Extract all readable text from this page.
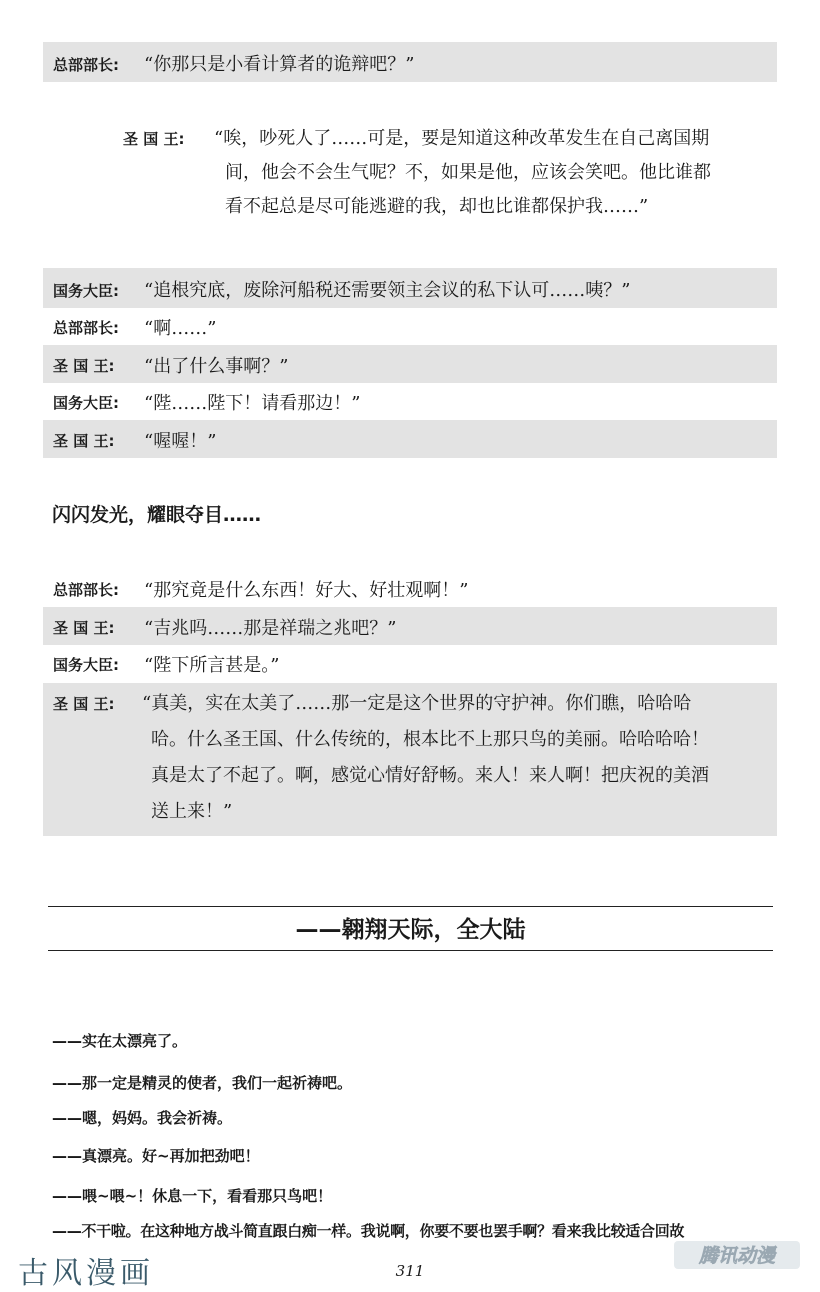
总部部长: “你那只是小看计算者的诡辩吧？”
圣 国 王: “唉，吵死人了……可是，要是知道这种改革发生在自己离国期
间，他会不会生气呢？不，如果是他，应该会笑吧。他比谁都
看不起总是尽可能逃避的我，却也比谁都保护我……”
国务大臣: “追根究底，废除河船税还需要领主会议的私下认可……咦？”
总部部长: “啊……”
圣 国 王: “出了什么事啊？”
国务大臣: “陛……陛下！请看那边！”
圣 国 王: “喔喔！”
闪闪发光，耀眼夺目……
总部部长: “那究竟是什么东西！好大、好壮观啊！”
圣 国 王: “吉兆吗……那是祥瑞之兆吧？”
国务大臣: “陛下所言甚是。”
圣 国 王: “真美，实在太美了……那一定是这个世界的守护神。你们瞧，哈哈哈
哈。什么圣王国、什么传统的，根本比不上那只鸟的美丽。哈哈哈哈！
真是太了不起了。啊，感觉心情好舒畅。来人！来人啊！把庆祝的美酒
送上来！”
——翱翔天际，全大陆
——实在太漂亮了。
——那一定是精灵的使者，我们一起祈祷吧。
——嗯，妈妈。我会祈祷。
——真漂亮。好~再加把劲吧！
——喂~喂~！休息一下，看看那只鸟吧！
——不干啦。在这种地方战斗简直跟白痴一样。我说啊，你要不要也罢手啊？看来我比较适合回故
古风漫画	311
腾讯动漫
